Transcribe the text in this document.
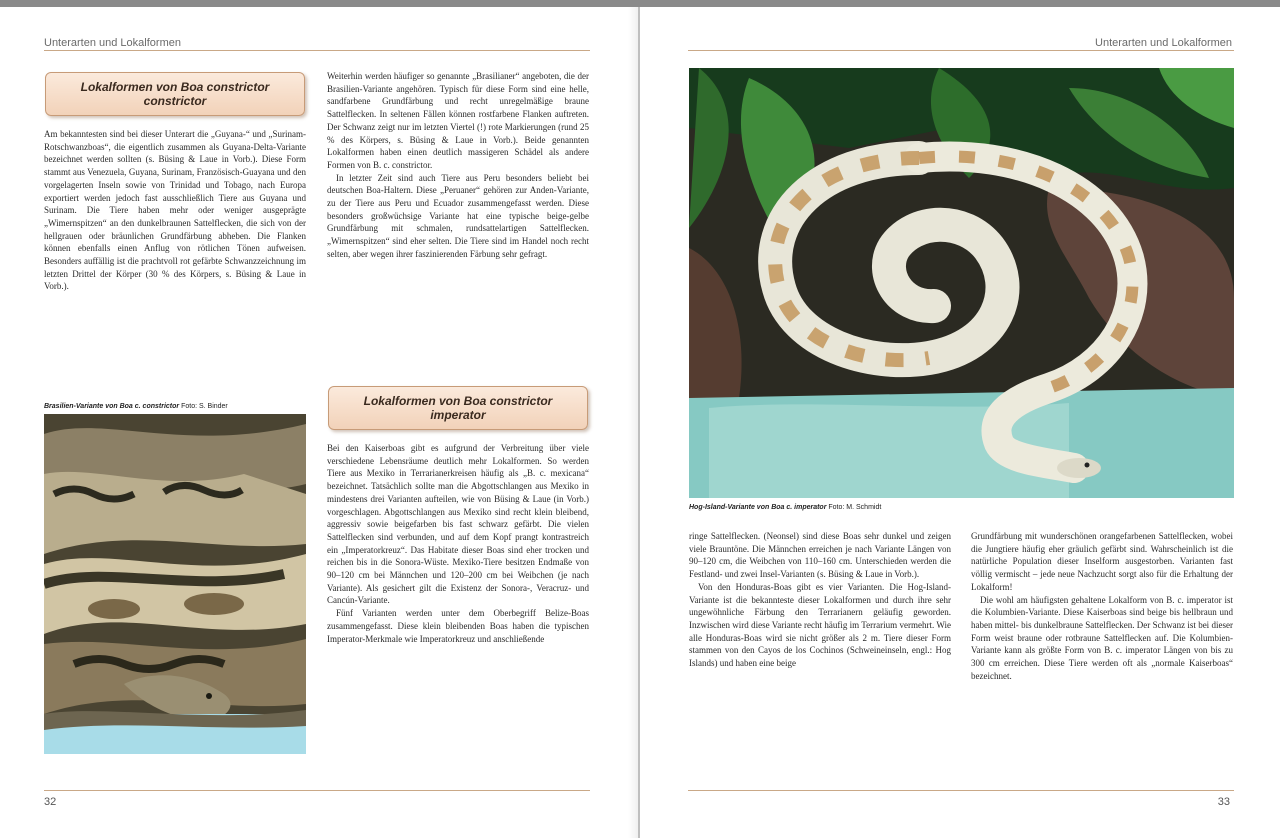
Unterarten und Lokalformen
Lokalformen von Boa constrictor constrictor

Am bekanntesten sind bei dieser Unterart die „Guyana-“ und „Surinam-Rotschwanzboas“, die eigentlich zusammen als Guyana-Delta-Variante bezeichnet werden sollten (s. Büsing & Laue in Vorb.). Diese Form stammt aus Venezuela, Guyana, Surinam, Französisch-Guayana und den vorgelagerten Inseln sowie von Trinidad und Tobago, nach Europa exportiert werden jedoch fast ausschließlich Tiere aus Guyana und Surinam. Die Tiere haben mehr oder weniger ausgeprägte „Wimernspitzen“ an den dunkelbraunen Sattelflecken, die sich von der hellgrauen oder bräunlichen Grundfärbung abheben. Die Flanken können ebenfalls einen Anflug von rötlichen Tönen aufweisen. Besonders auffällig ist die prachtvoll rot gefärbte Schwanzzeichnung im letzten Drittel der Körper (30 % des Körpers, s. Büsing & Laue in Vorb.).

Brasilien-Variante von Boa c. constrictor Foto: S. Binder

Weiterhin werden häufiger so genannte „Brasilianer“ angeboten, die der Brasilien-Variante angehören. Typisch für diese Form sind eine helle, sandfarbene Grundfärbung und recht unregelmäßige braune Sattelflecken. In seltenen Fällen können rostfarbene Flanken auftreten. Der Schwanz zeigt nur im letzten Viertel (!) rote Markierungen (rund 25 % des Körpers, s. Büsing & Laue in Vorb.). Beide genannten Lokalformen haben einen deutlich massigeren Schädel als andere Formen von B. c. constrictor.

In letzter Zeit sind auch Tiere aus Peru besonders beliebt bei deutschen Boa-Haltern. Diese „Peruaner“ gehören zur Anden-Variante, zu der Tiere aus Peru und Ecuador zusammengefasst werden. Diese besonders großwüchsige Variante hat eine typische beige-gelbe Grundfärbung mit schmalen, rundsattelartigen Sattelflecken. „Wimernspitzen“ sind eher selten. Die Tiere sind im Handel noch recht selten, aber wegen ihrer faszinierenden Färbung sehr gefragt.

Lokalformen von Boa constrictor imperator

Bei den Kaiserboas gibt es aufgrund der Verbreitung über viele verschiedene Lebensräume deutlich mehr Lokalformen. So werden Tiere aus Mexiko in Terrarianerkreisen häufig als „B. c. mexicana“ bezeichnet. Tatsächlich sollte man die Abgottschlangen aus Mexiko in mindestens drei Varianten aufteilen, wie von Büsing & Laue (in Vorb.) vorgeschlagen. Abgottschlangen aus Mexiko sind recht klein bleibend, aggressiv sowie beigefarben bis fast schwarz gefärbt. Die vielen Sattelflecken sind verbunden, und auf dem Kopf prangt kontrastreich ein „Imperatorkreuz“. Das Habitate dieser Boas sind eher trocken und reichen bis in die Sonora-Wüste. Mexiko-Tiere besitzen Endmaße von 90–120 cm bei Männchen und 120–200 cm bei Weibchen (je nach Variante). Als gesichert gilt die Existenz der Sonora-, Veracruz- und Cancún-Variante.

Fünf Varianten werden unter dem Oberbegriff Belize-Boas zusammengefasst. Diese klein bleibenden Boas haben die typischen Imperator-Merkmale wie Imperatorkreuz und anschließende

32
Unterarten und Lokalformen
Hog-Island-Variante von Boa c. imperator Foto: M. Schmidt

ringe Sattelflecken. (Neonsel) sind diese Boas sehr dunkel und zeigen viele Brauntöne. Die Männchen erreichen je nach Variante Längen von 90–120 cm, die Weibchen von 110–160 cm. Unterschieden werden die Festland- und zwei Insel-Varianten (s. Büsing & Laue in Vorb.).

Von den Honduras-Boas gibt es vier Varianten. Die Hog-Island-Variante ist die bekannteste dieser Lokalformen und durch ihre sehr ungewöhnliche Färbung den Terrarianern geläufig geworden. Inzwischen wird diese Variante recht häufig im Terrarium vermehrt. Wie alle Honduras-Boas wird sie nicht größer als 2 m. Tiere dieser Form stammen von den Cayos de los Cochinos (Schweineinseln, engl.: Hog Islands) und haben eine beige

Grundfärbung mit wunderschönen orangefarbenen Sattelflecken, wobei die Jungtiere häufig eher gräulich gefärbt sind. Wahrscheinlich ist die natürliche Population dieser Inselform ausgestorben. Varianten fast völlig vermischt – jede neue Nachzucht sorgt also für die Erhaltung der Lokalform!

Die wohl am häufigsten gehaltene Lokalform von B. c. imperator ist die Kolumbien-Variante. Diese Kaiserboas sind beige bis hellbraun und haben mittel- bis dunkelbraune Sattelflecken. Der Schwanz ist bei dieser Form weist braune oder rotbraune Sattelflecken auf. Die Kolumbien-Variante kann als größte Form von B. c. imperator Längen von bis zu 300 cm erreichen. Diese Tiere werden oft als „normale Kaiserboas“ bezeichnet.

33
